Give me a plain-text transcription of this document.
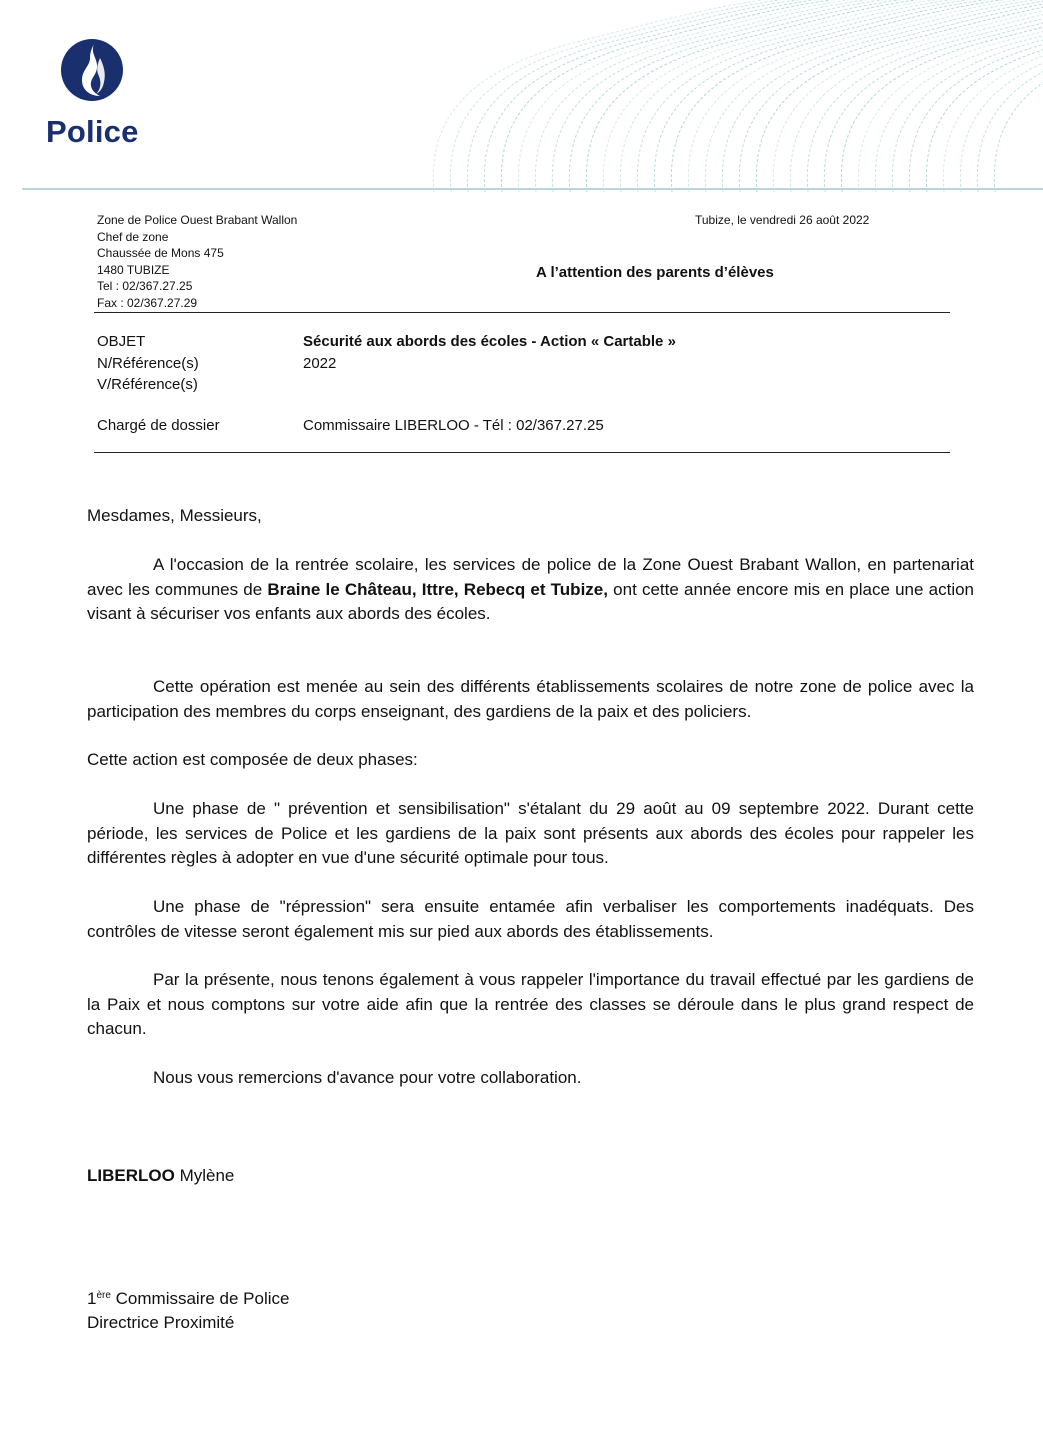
Police
Zone de Police Ouest Brabant Wallon
Chef de zone
Chaussée de Mons 475
1480 TUBIZE
Tel : 02/367.27.25
Fax : 02/367.27.29
Tubize, le vendredi 26 août 2022
A l’attention des parents d’élèves
OBJET
N/Référence(s)
V/Référence(s)
Sécurité aux abords des écoles - Action « Cartable »
2022
Chargé de dossier	Commissaire LIBERLOO - Tél : 02/367.27.25
Mesdames, Messieurs,
A l'occasion de la rentrée scolaire, les services de police de la Zone Ouest Brabant Wallon, en partenariat avec les communes de Braine le Château, Ittre, Rebecq et Tubize, ont cette année encore mis en place une action visant à sécuriser vos enfants aux abords des écoles.
Cette opération est menée au sein des différents établissements scolaires de notre zone de police avec la participation des membres du corps enseignant, des gardiens de la paix et des policiers.
Cette action est composée de deux phases:
Une phase de " prévention et sensibilisation" s'étalant du 29 août au 09 septembre 2022. Durant cette période, les services de Police et les gardiens de la paix sont présents aux abords des écoles pour rappeler les différentes règles à adopter en vue d'une sécurité optimale pour tous.
Une phase de "répression" sera ensuite entamée afin verbaliser les comportements inadéquats. Des contrôles de vitesse seront également mis sur pied aux abords des établissements.
Par la présente, nous tenons également à vous rappeler l'importance du travail effectué par les gardiens de la Paix et nous comptons sur votre aide afin que la rentrée des classes se déroule dans le plus grand respect de chacun.
Nous vous remercions d'avance pour votre collaboration.
LIBERLOO Mylène
1ère Commissaire de Police
Directrice Proximité
